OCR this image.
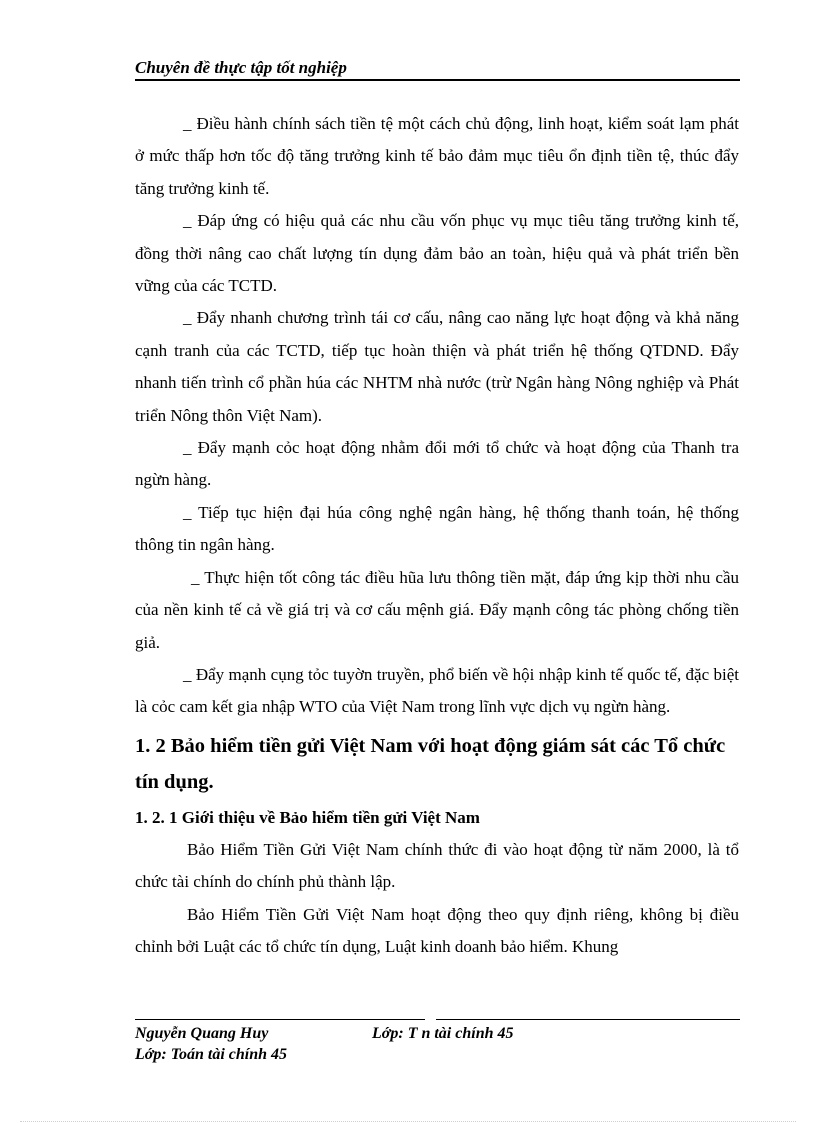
Chuyên đề thực tập tốt nghiệp

_ Điều hành chính sách tiền tệ một cách chủ động, linh hoạt, kiểm soát lạm phát ở mức thấp hơn tốc độ tăng trưởng kinh tế bảo đảm mục tiêu ổn định tiền tệ, thúc đẩy tăng trưởng kinh tế.

_ Đáp ứng có hiệu quả các nhu cầu vốn phục vụ mục tiêu tăng trưởng kinh tế, đồng thời nâng cao chất lượng tín dụng đảm bảo an toàn, hiệu quả và phát triển bền vững của các TCTD.

_ Đẩy nhanh chương trình tái cơ cấu, nâng cao năng lực hoạt động và khả năng cạnh tranh của các TCTD, tiếp tục hoàn thiện và phát triển hệ thống QTDND. Đẩy nhanh tiến trình cổ phần húa các NHTM nhà nước (trừ Ngân hàng Nông nghiệp và Phát triển Nông thôn Việt Nam).

_ Đẩy mạnh cỏc hoạt động nhằm đổi mới tổ chức và hoạt động của Thanh tra ngừn hàng.

_ Tiếp tục hiện đại húa công nghệ ngân hàng, hệ thống thanh toán, hệ thống thông tin ngân hàng.

_ Thực hiện tốt công tác điều hũa lưu thông tiền mặt, đáp ứng kịp thời nhu cầu của nền kinh tế cả về giá trị và cơ cấu mệnh giá. Đẩy mạnh công tác phòng chống tiền giả.

_ Đẩy mạnh cụng tỏc tuyờn truyền, phổ biến về hội nhập kinh tế quốc tế, đặc biệt là cỏc cam kết gia nhập WTO của Việt Nam trong lĩnh vực dịch vụ ngừn hàng.

1. 2 Bảo hiểm tiền gửi Việt Nam với hoạt động giám sát các Tổ chức tín dụng.
1. 2. 1 Giới thiệu về Bảo hiểm tiền gửi Việt Nam

Bảo Hiểm Tiền Gửi Việt Nam chính thức đi vào hoạt động từ năm 2000, là tổ chức tài chính do chính phủ thành lập.

Bảo Hiểm Tiền Gửi Việt Nam hoạt động theo quy định riêng, không bị điều chỉnh bởi Luật các tổ chức tín dụng, Luật kinh doanh bảo hiểm. Khung

Nguyễn Quang Huy	Lớp: T n tài chính 45
Lớp: Toán tài chính 45
